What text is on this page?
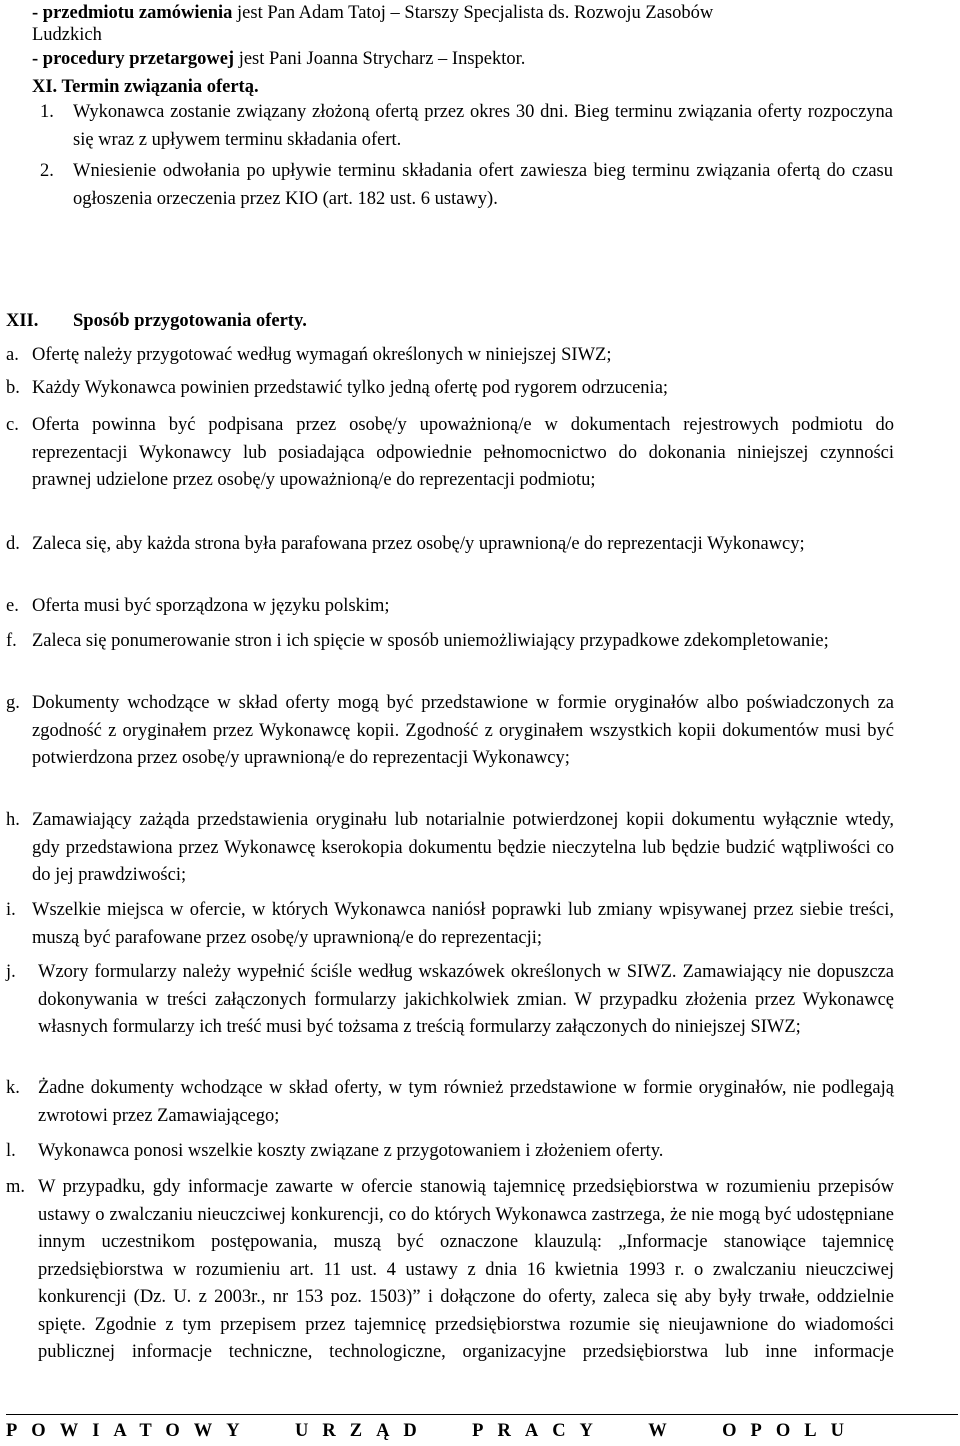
- przedmiotu zamówienia jest Pan Adam Tatoj – Starszy Specjalista ds. Rozwoju Zasobów
Ludzkich
- procedury przetargowej jest Pani Joanna Strycharz – Inspektor.
XI. Termin związania ofertą.
1. Wykonawca zostanie związany złożoną ofertą przez okres 30 dni. Bieg terminu związania oferty rozpoczyna się wraz z upływem terminu składania ofert.
2. Wniesienie odwołania po upływie terminu składania ofert zawiesza bieg terminu związania ofertą do czasu ogłoszenia orzeczenia przez KIO (art. 182 ust. 6 ustawy).
XII. Sposób przygotowania oferty.
a. Ofertę należy przygotować według wymagań określonych w niniejszej SIWZ;
b. Każdy Wykonawca powinien przedstawić tylko jedną ofertę pod rygorem odrzucenia;
c. Oferta powinna być podpisana przez osobę/y upoważnioną/e w dokumentach rejestrowych podmiotu do reprezentacji Wykonawcy lub posiadająca odpowiednie pełnomocnictwo do dokonania niniejszej czynności prawnej udzielone przez osobę/y upoważnioną/e do reprezentacji podmiotu;
d. Zaleca się, aby każda strona była parafowana przez osobę/y uprawnioną/e do reprezentacji Wykonawcy;
e. Oferta musi być sporządzona w języku polskim;
f. Zaleca się ponumerowanie stron i ich spięcie w sposób uniemożliwiający przypadkowe zdekompletowanie;
g. Dokumenty wchodzące w skład oferty mogą być przedstawione w formie oryginałów albo poświadczonych za zgodność z oryginałem przez Wykonawcę kopii. Zgodność z oryginałem wszystkich kopii dokumentów musi być potwierdzona przez osobę/y uprawnioną/e do reprezentacji Wykonawcy;
h. Zamawiający zażąda przedstawienia oryginału lub notarialnie potwierdzonej kopii dokumentu wyłącznie wtedy, gdy przedstawiona przez Wykonawcę kserokopia dokumentu będzie nieczytelna lub będzie budzić wątpliwości co do jej prawdziwości;
i. Wszelkie miejsca w ofercie, w których Wykonawca naniósł poprawki lub zmiany wpisywanej przez siebie treści, muszą być parafowane przez osobę/y uprawnioną/e do reprezentacji;
j. Wzory formularzy należy wypełnić ściśle według wskazówek określonych w SIWZ. Zamawiający nie dopuszcza dokonywania w treści załączonych formularzy jakichkolwiek zmian. W przypadku złożenia przez Wykonawcę własnych formularzy ich treść musi być tożsama z treścią formularzy załączonych do niniejszej SIWZ;
k. Żadne dokumenty wchodzące w skład oferty, w tym również przedstawione w formie oryginałów, nie podlegają zwrotowi przez Zamawiającego;
l. Wykonawca ponosi wszelkie koszty związane z przygotowaniem i złożeniem oferty.
m. W przypadku, gdy informacje zawarte w ofercie stanowią tajemnicę przedsiębiorstwa w rozumieniu przepisów ustawy o zwalczaniu nieuczciwej konkurencji, co do których Wykonawca zastrzega, że nie mogą być udostępniane innym uczestnikom postępowania, muszą być oznaczone klauzulą: „Informacje stanowiące tajemnicę przedsiębiorstwa w rozumieniu art. 11 ust. 4 ustawy z dnia 16 kwietnia 1993 r. o zwalczaniu nieuczciwej konkurencji (Dz. U. z 2003r., nr 153 poz. 1503)” i dołączone do oferty, zaleca się aby były trwałe, oddzielnie spięte. Zgodnie z tym przepisem przez tajemnicę przedsiębiorstwa rozumie się nieujawnione do wiadomości publicznej informacje techniczne, technologiczne, organizacyjne przedsiębiorstwa lub inne informacje
POWIATOWY URZĄD PRACY W OPOLU
